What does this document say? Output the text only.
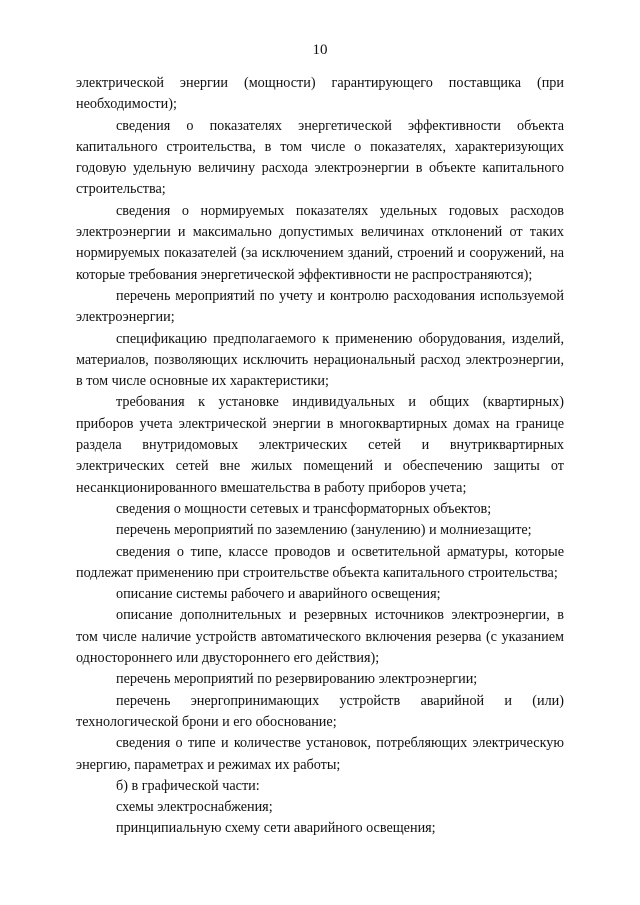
10

электрической энергии (мощности) гарантирующего поставщика (при необходимости);

сведения о показателях энергетической эффективности объекта капитального строительства, в том числе о показателях, характеризующих годовую удельную величину расхода электроэнергии в объекте капитального строительства;

сведения о нормируемых показателях удельных годовых расходов электроэнергии и максимально допустимых величинах отклонений от таких нормируемых показателей (за исключением зданий, строений и сооружений, на которые требования энергетической эффективности не распространяются);

перечень мероприятий по учету и контролю расходования используемой электроэнергии;

спецификацию предполагаемого к применению оборудования, изделий, материалов, позволяющих исключить нерациональный расход электроэнергии, в том числе основные их характеристики;

требования к установке индивидуальных и общих (квартирных) приборов учета электрической энергии в многоквартирных домах на границе раздела внутридомовых электрических сетей и внутриквартирных электрических сетей вне жилых помещений и обеспечению защиты от несанкционированного вмешательства в работу приборов учета;

сведения о мощности сетевых и трансформаторных объектов;

перечень мероприятий по заземлению (занулению) и молниезащите;

сведения о типе, классе проводов и осветительной арматуры, которые подлежат применению при строительстве объекта капитального строительства;

описание системы рабочего и аварийного освещения;

описание дополнительных и резервных источников электроэнергии, в том числе наличие устройств автоматического включения резерва (с указанием одностороннего или двустороннего его действия);

перечень мероприятий по резервированию электроэнергии;

перечень энергопринимающих устройств аварийной и (или) технологической брони и его обоснование;

сведения о типе и количестве установок, потребляющих электрическую энергию, параметрах и режимах их работы;

б) в графической части:

схемы электроснабжения;

принципиальную схему сети аварийного освещения;
